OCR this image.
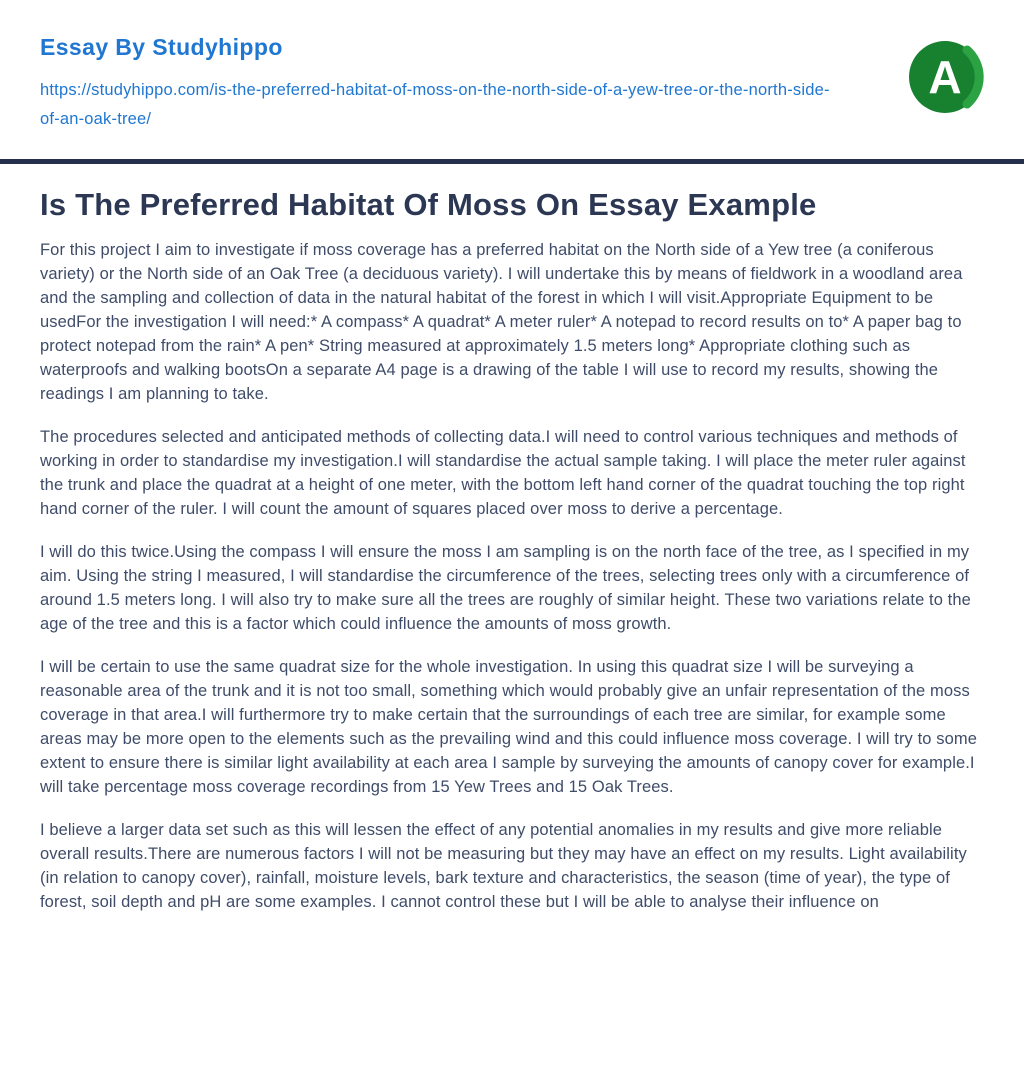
Essay By Studyhippo
https://studyhippo.com/is-the-preferred-habitat-of-moss-on-the-north-side-of-a-yew-tree-or-the-north-side-of-an-oak-tree/
A
Is The Preferred Habitat Of Moss On Essay Example

For this project I aim to investigate if moss coverage has a preferred habitat on the North side of a Yew tree (a coniferous variety) or the North side of an Oak Tree (a deciduous variety). I will undertake this by means of fieldwork in a woodland area and the sampling and collection of data in the natural habitat of the forest in which I will visit.Appropriate Equipment to be usedFor the investigation I will need:* A compass* A quadrat* A meter ruler* A notepad to record results on to* A paper bag to protect notepad from the rain* A pen* String measured at approximately 1.5 meters long* Appropriate clothing such as waterproofs and walking bootsOn a separate A4 page is a drawing of the table I will use to record my results, showing the readings I am planning to take.

The procedures selected and anticipated methods of collecting data.I will need to control various techniques and methods of working in order to standardise my investigation.I will standardise the actual sample taking. I will place the meter ruler against the trunk and place the quadrat at a height of one meter, with the bottom left hand corner of the quadrat touching the top right hand corner of the ruler. I will count the amount of squares placed over moss to derive a percentage.

I will do this twice.Using the compass I will ensure the moss I am sampling is on the north face of the tree, as I specified in my aim. Using the string I measured, I will standardise the circumference of the trees, selecting trees only with a circumference of around 1.5 meters long. I will also try to make sure all the trees are roughly of similar height. These two variations relate to the age of the tree and this is a factor which could influence the amounts of moss growth.

I will be certain to use the same quadrat size for the whole investigation. In using this quadrat size I will be surveying a reasonable area of the trunk and it is not too small, something which would probably give an unfair representation of the moss coverage in that area.I will furthermore try to make certain that the surroundings of each tree are similar, for example some areas may be more open to the elements such as the prevailing wind and this could influence moss coverage. I will try to some extent to ensure there is similar light availability at each area I sample by surveying the amounts of canopy cover for example.I will take percentage moss coverage recordings from 15 Yew Trees and 15 Oak Trees.

I believe a larger data set such as this will lessen the effect of any potential anomalies in my results and give more reliable overall results.There are numerous factors I will not be measuring but they may have an effect on my results. Light availability (in relation to canopy cover), rainfall, moisture levels, bark texture and characteristics, the season (time of year), the type of forest, soil depth and pH are some examples. I cannot control these but I will be able to analyse their influence on
